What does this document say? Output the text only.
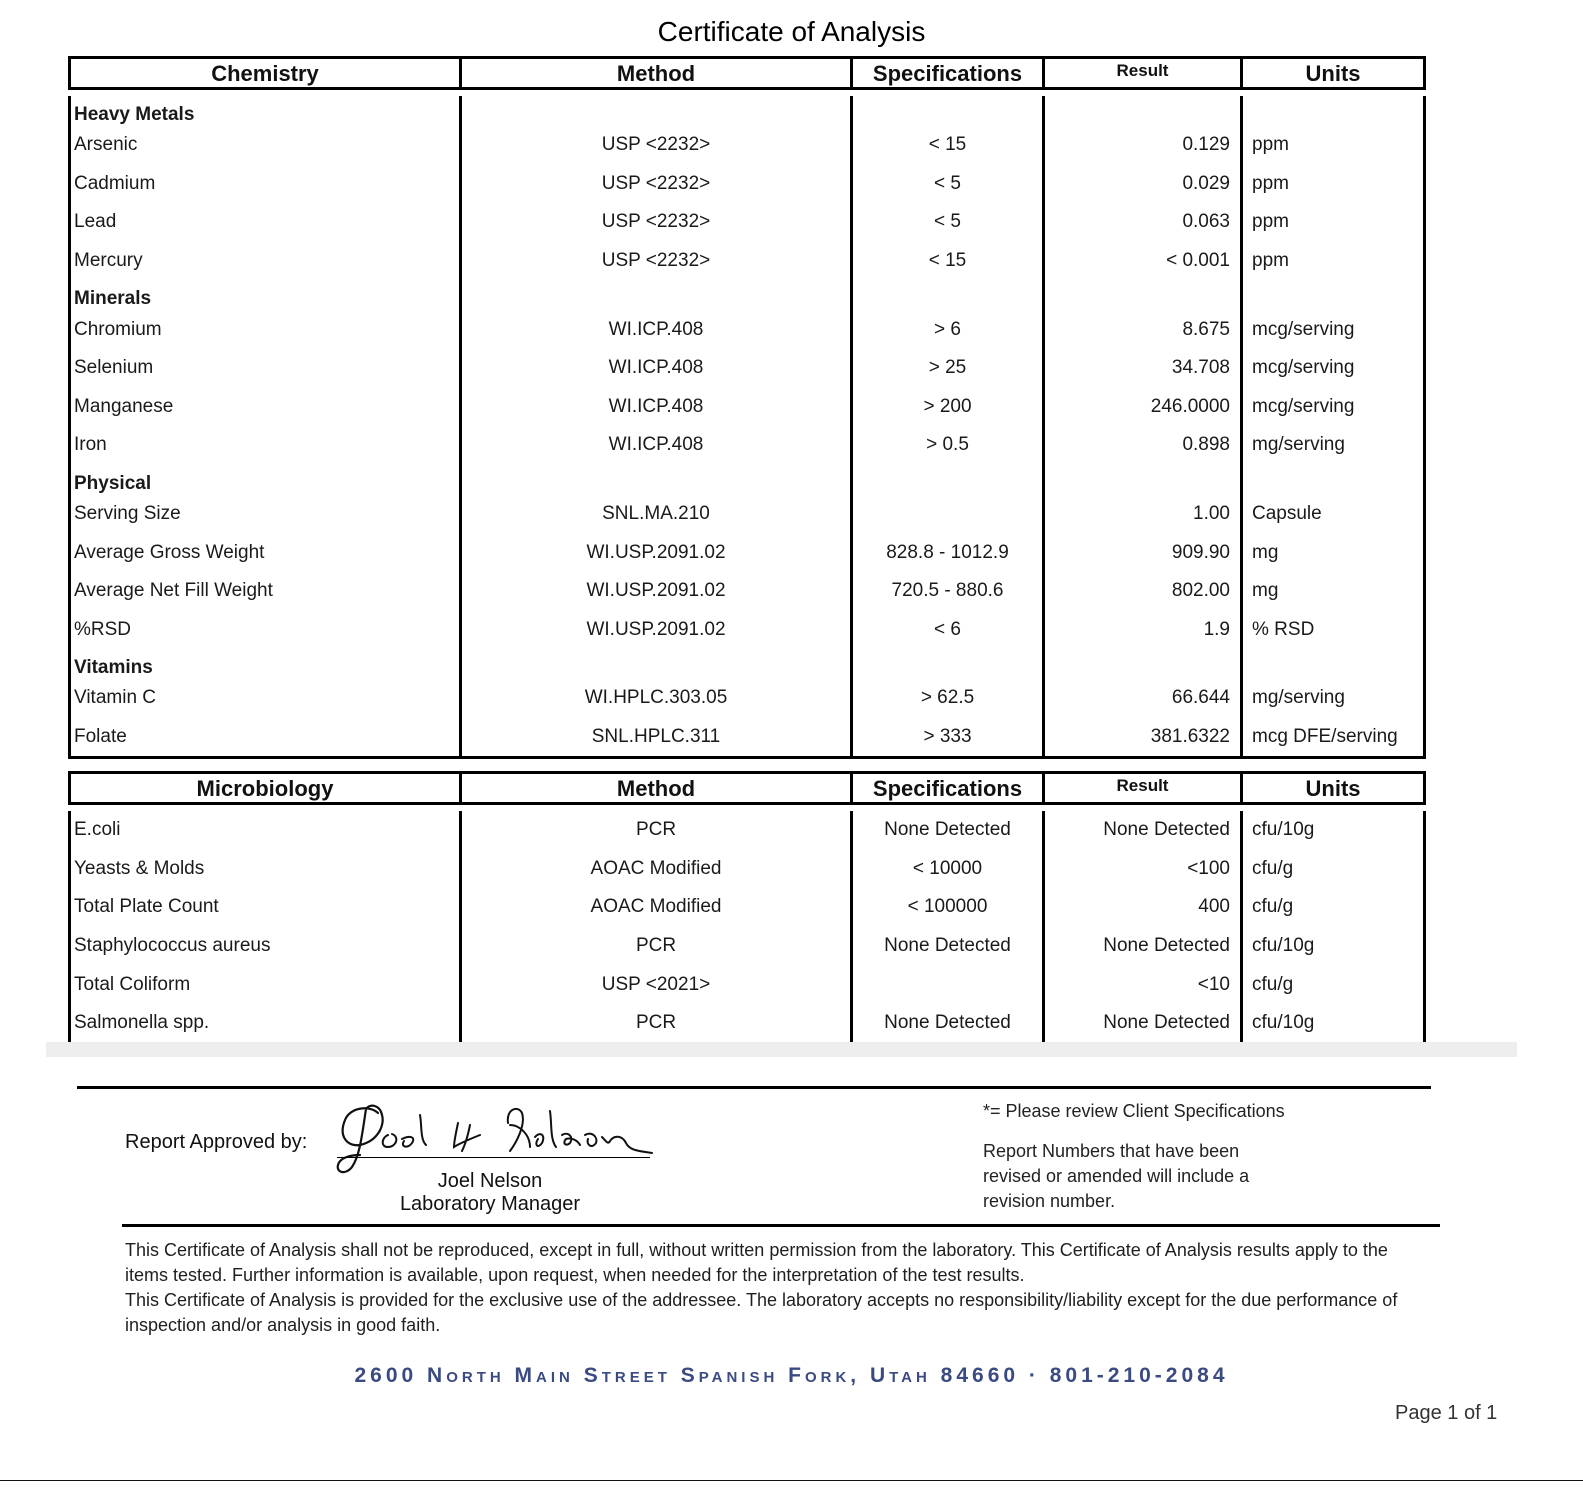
Certificate of Analysis
Chemistry	Method	Specifications	Result	Units

Heavy Metals				
Arsenic	USP <2232>	< 15	0.129	ppm
Cadmium	USP <2232>	< 5	0.029	ppm
Lead	USP <2232>	< 5	0.063	ppm
Mercury	USP <2232>	< 15	< 0.001	ppm
Minerals				
Chromium	WI.ICP.408	> 6	8.675	mcg/serving
Selenium	WI.ICP.408	> 25	34.708	mcg/serving
Manganese	WI.ICP.408	> 200	246.0000	mcg/serving
Iron	WI.ICP.408	> 0.5	0.898	mg/serving
Physical				
Serving Size	SNL.MA.210		1.00	Capsule
Average Gross Weight	WI.USP.2091.02	828.8 - 1012.9	909.90	mg
Average Net Fill Weight	WI.USP.2091.02	720.5 - 880.6	802.00	mg
%RSD	WI.USP.2091.02	< 6	1.9	% RSD
Vitamins				
Vitamin C	WI.HPLC.303.05	> 62.5	66.644	mg/serving
Folate	SNL.HPLC.311	> 333	381.6322	mcg DFE/serving
Microbiology	Method	Specifications	Result	Units

E.coli	PCR	None Detected	None Detected	cfu/10g
Yeasts & Molds	AOAC Modified	< 10000	<100	cfu/g
Total Plate Count	AOAC Modified	< 100000	400	cfu/g
Staphylococcus aureus	PCR	None Detected	None Detected	cfu/10g
Total Coliform	USP <2021>		<10	cfu/g
Salmonella spp.	PCR	None Detected	None Detected	cfu/10g
Report Approved by:
Joel Nelson
Laboratory Manager
*= Please review Client Specifications
Report Numbers that have been revised or amended will include a revision number.

This Certificate of Analysis shall not be reproduced, except in full, without written permission from the laboratory. This Certificate of Analysis results apply to the items tested. Further information is available, upon request, when needed for the interpretation of the test results.

This Certificate of Analysis is provided for the exclusive use of the addressee. The laboratory accepts no responsibility/liability except for the due performance of inspection and/or analysis in good faith.

2600 North Main Street Spanish Fork, Utah 84660 · 801-210-2084
Page 1 of 1
